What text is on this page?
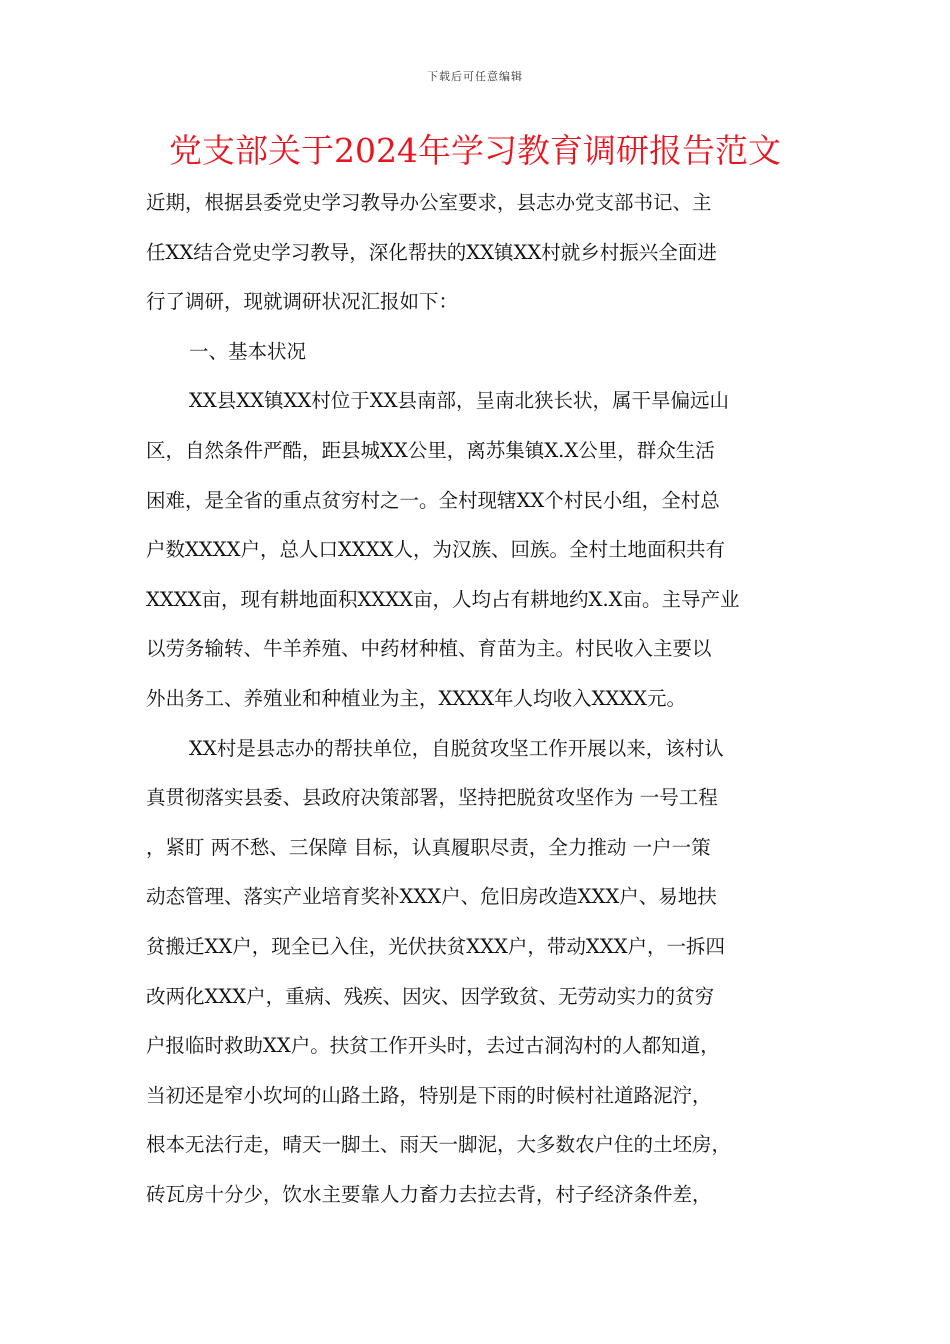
下载后可任意编辑
党支部关于2024年学习教育调研报告范文
近期，根据县委党史学习教导办公室要求，县志办党支部书记、主
任XX结合党史学习教导，深化帮扶的XX镇XX村就乡村振兴全面进
行了调研，现就调研状况汇报如下：
一、基本状况
XX县XX镇XX村位于XX县南部，呈南北狭长状，属干旱偏远山
区，自然条件严酷，距县城XX公里，离苏集镇X.X公里，群众生活
困难，是全省的重点贫穷村之一。全村现辖XX个村民小组，全村总
户数XXXX户，总人口XXXX人，为汉族、回族。全村土地面积共有
XXXX亩，现有耕地面积XXXX亩，人均占有耕地约X.X亩。主导产业
以劳务输转、牛羊养殖、中药材种植、育苗为主。村民收入主要以
外出务工、养殖业和种植业为主，XXXX年人均收入XXXX元。
XX村是县志办的帮扶单位，自脱贫攻坚工作开展以来，该村认
真贯彻落实县委、县政府决策部署，坚持把脱贫攻坚作为 一号工程
，紧盯 两不愁、三保障 目标，认真履职尽责，全力推动 一户一策
动态管理、落实产业培育奖补XXX户、危旧房改造XXX户、易地扶
贫搬迁XX户，现全已入住，光伏扶贫XXX户，带动XXX户，一拆四
改两化XXX户，重病、残疾、因灾、因学致贫、无劳动实力的贫穷
户报临时救助XX户。扶贫工作开头时，去过古洞沟村的人都知道，
当初还是窄小坎坷的山路土路，特别是下雨的时候村社道路泥泞，
根本无法行走，晴天一脚土、雨天一脚泥，大多数农户住的土坯房，
砖瓦房十分少，饮水主要靠人力畜力去拉去背，村子经济条件差，
